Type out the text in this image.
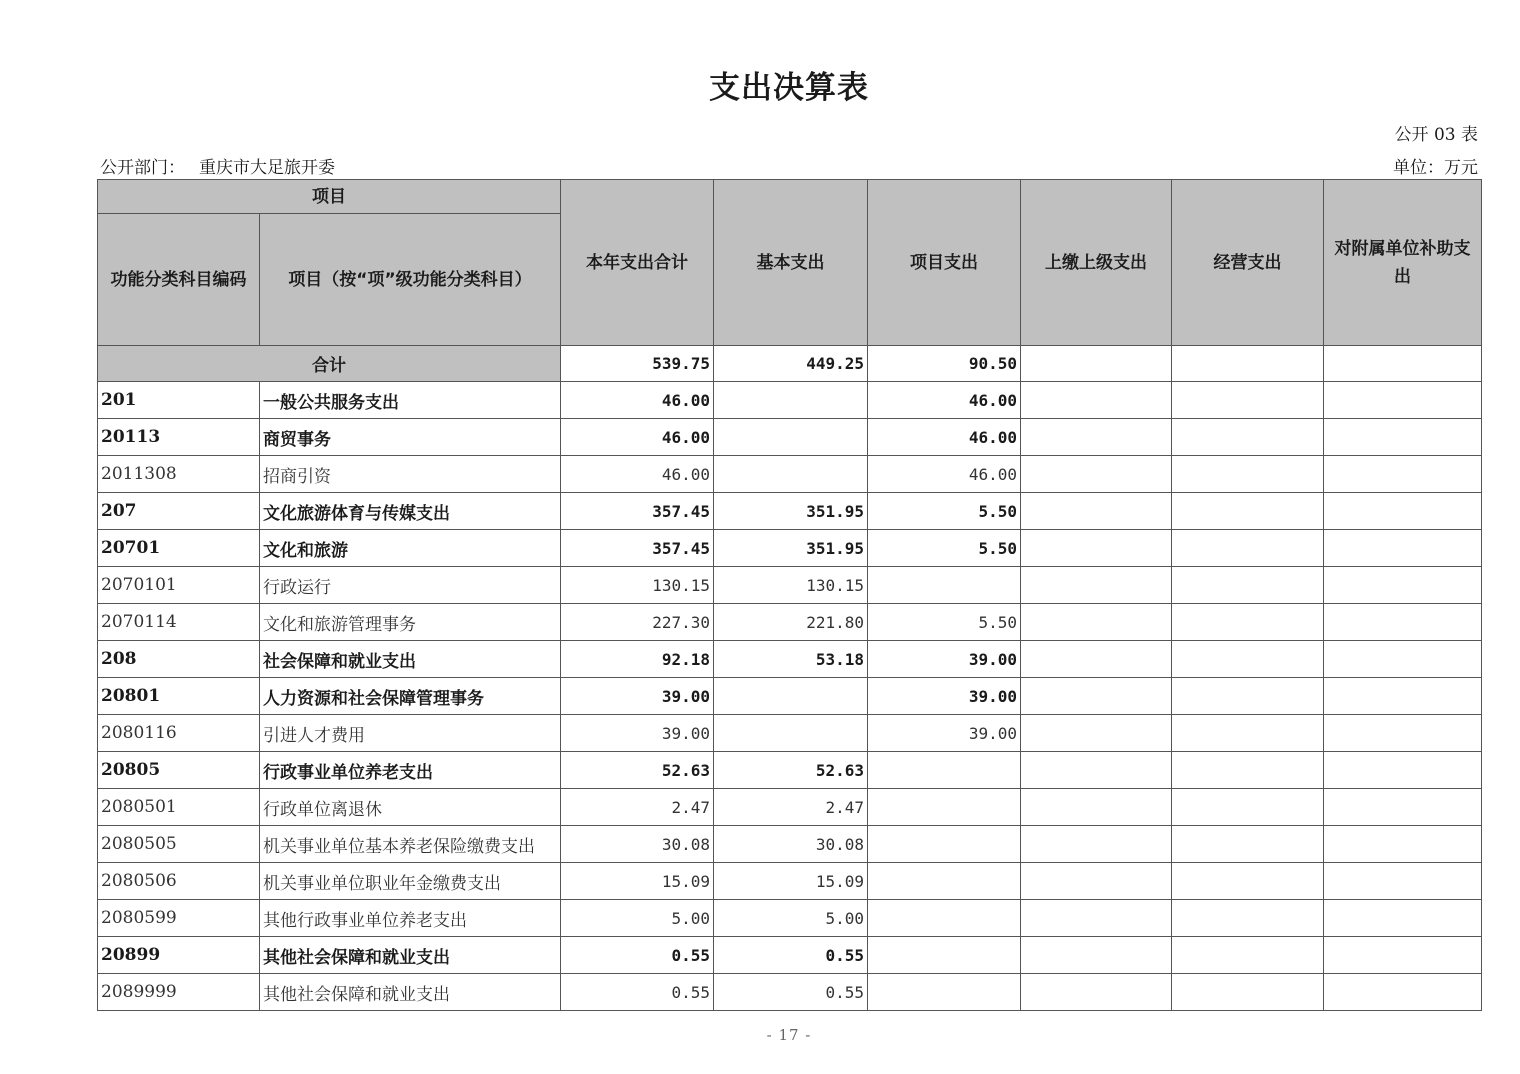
支出决算表
公开 03 表
公开部门： 重庆市大足旅开委	单位：万元
项目		本年支出合计	基本支出	项目支出	上缴上级支出	经营支出	对附属单位补助支出
功能分类科目编码	项目（按“项”级功能分类科目）						
合计		539.75	449.25	90.50			
201	一般公共服务支出	46.00		46.00			
20113	商贸事务	46.00		46.00			
2011308	招商引资	46.00		46.00			
207	文化旅游体育与传媒支出	357.45	351.95	5.50			
20701	文化和旅游	357.45	351.95	5.50			
2070101	行政运行	130.15	130.15				
2070114	文化和旅游管理事务	227.30	221.80	5.50			
208	社会保障和就业支出	92.18	53.18	39.00			
20801	人力资源和社会保障管理事务	39.00		39.00			
2080116	引进人才费用	39.00		39.00			
20805	行政事业单位养老支出	52.63	52.63				
2080501	行政单位离退休	2.47	2.47				
2080505	机关事业单位基本养老保险缴费支出	30.08	30.08				
2080506	机关事业单位职业年金缴费支出	15.09	15.09				
2080599	其他行政事业单位养老支出	5.00	5.00				
20899	其他社会保障和就业支出	0.55	0.55				
2089999	其他社会保障和就业支出	0.55	0.55				
- 17 -
